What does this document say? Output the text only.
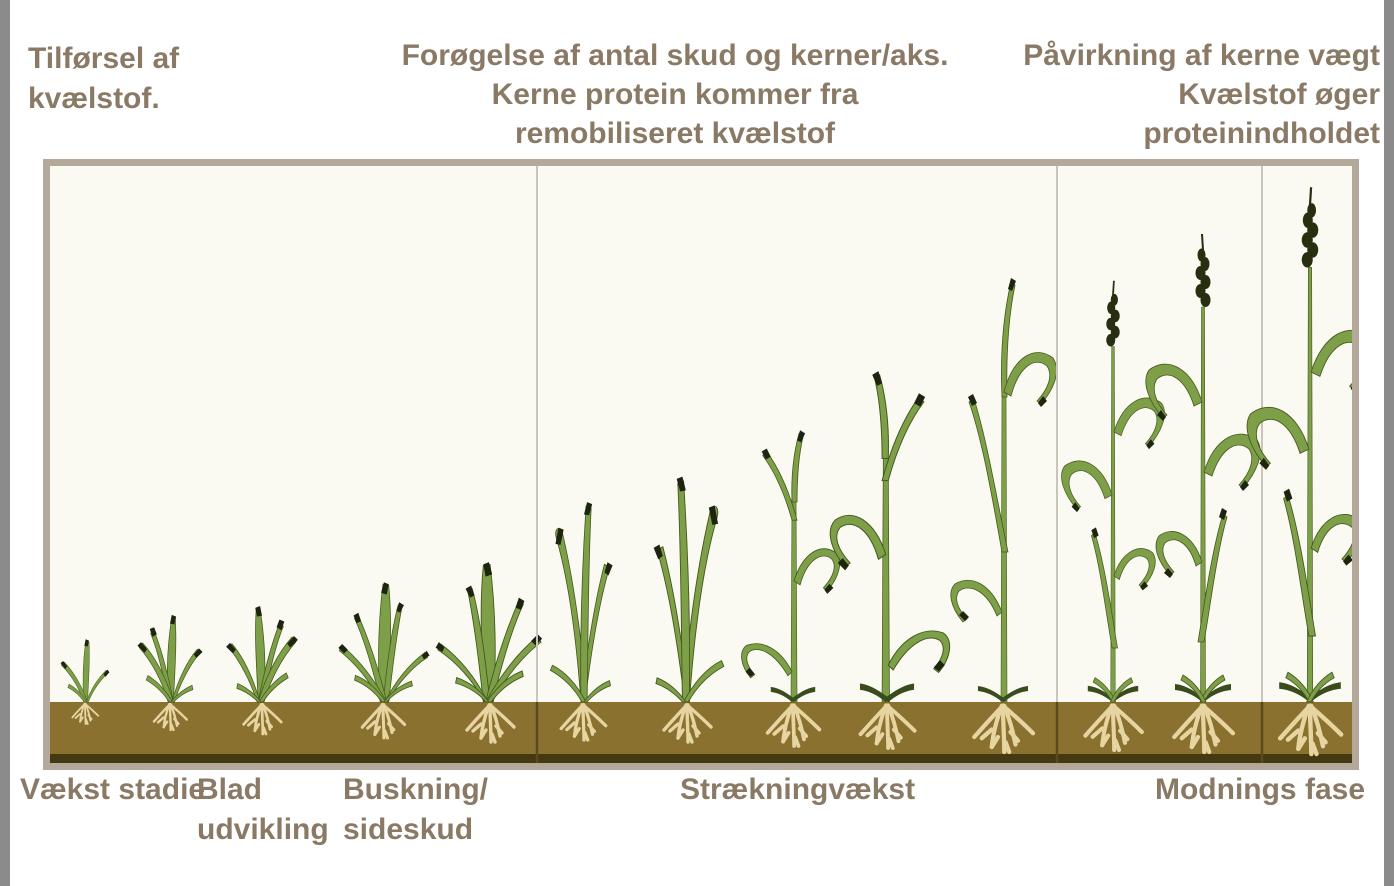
Tilførsel af
kvælstof.
Forøgelse af antal skud og kerner/aks.
Kerne protein kommer fra
remobiliseret kvælstof
Påvirkning af kerne vægt
Kvælstof øger
proteinindholdet
Vækst stadie
Blad
udvikling
Buskning/
sideskud
Strækningvækst	Modnings fase
